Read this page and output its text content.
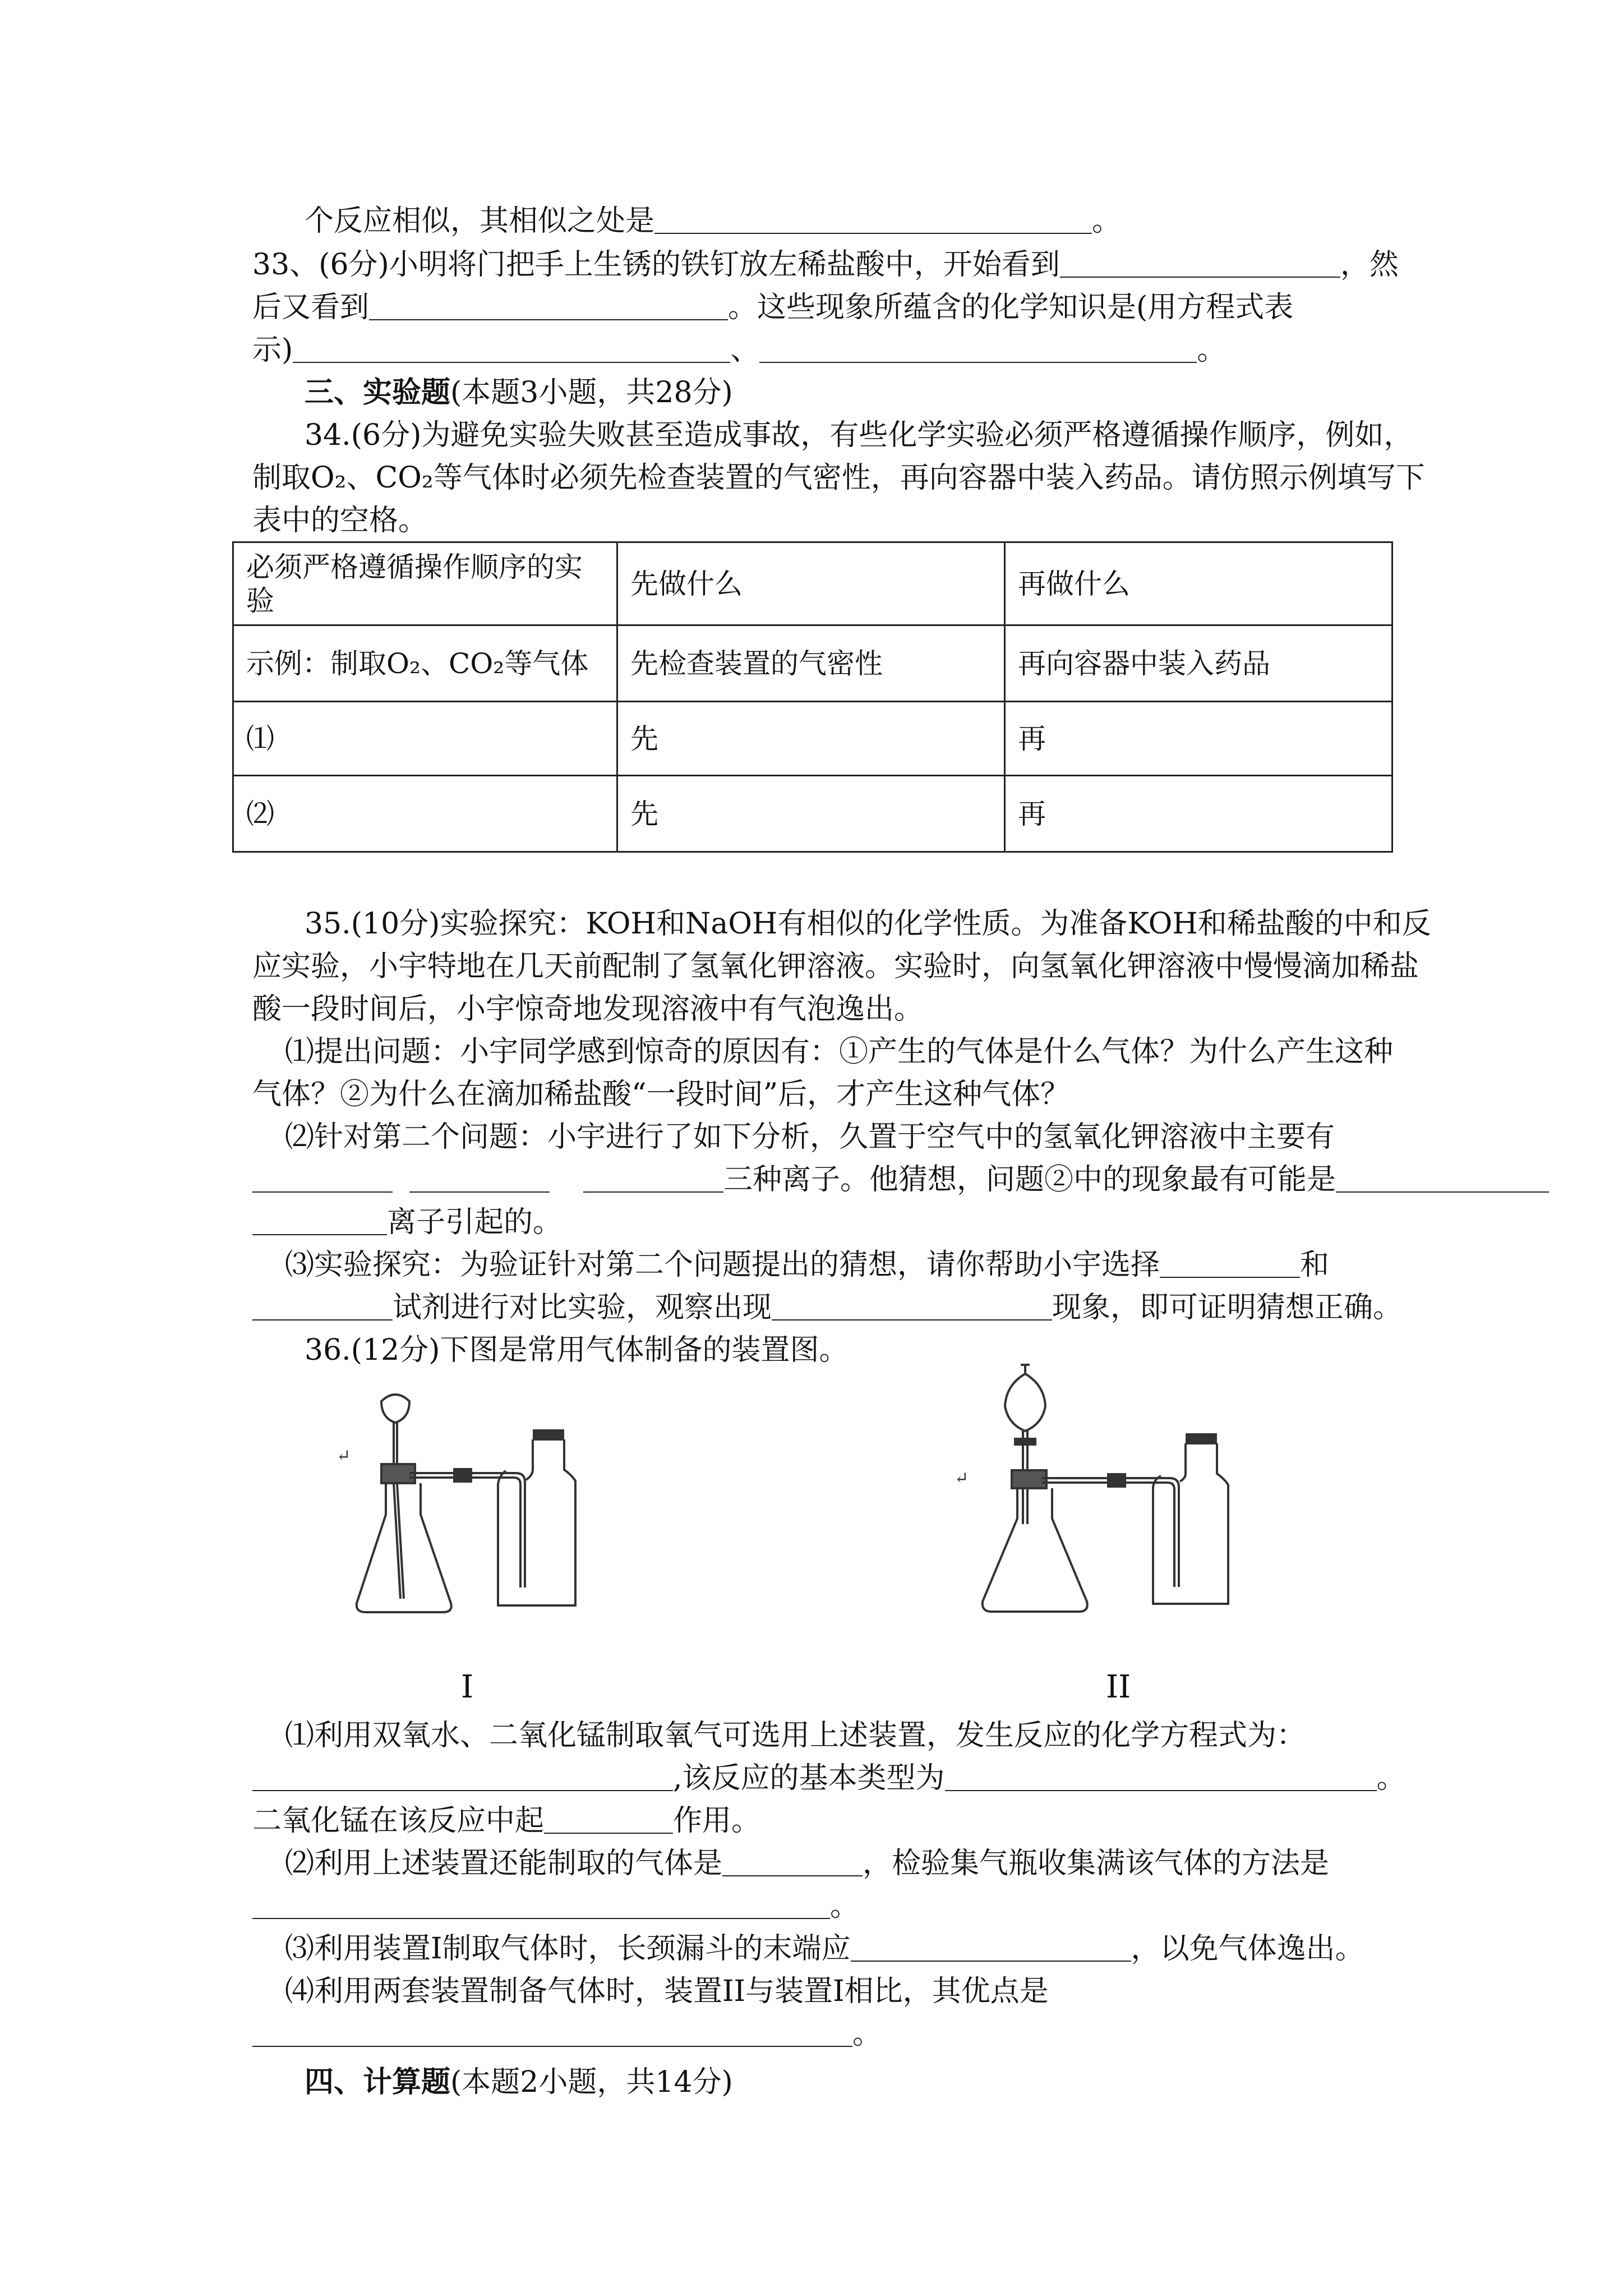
个反应相似，其相似之处是	。
33、(6分)小明将门把手上生锈的铁钉放左稀盐酸中，开始看到	，然
后又看到	。这些现象所蕴含的化学知识是(用方程式表
示)	、	。
三、实验题(本题3小题，共28分)
34.(6分)为避免实验失败甚至造成事故，有些化学实验必须严格遵循操作顺序，例如，
制取O₂、CO₂等气体时必须先检查装置的气密性，再向容器中装入药品。请仿照示例填写下
表中的空格。
必须严格遵循操作顺序的实验	先做什么	再做什么
示例：制取O₂、CO₂等气体	先检查装置的气密性	再向容器中装入药品
⑴	先	再
⑵	先	再
35.(10分)实验探究：KOH和NaOH有相似的化学性质。为准备KOH和稀盐酸的中和反
应实验，小宇特地在几天前配制了氢氧化钾溶液。实验时，向氢氧化钾溶液中慢慢滴加稀盐
酸一段时间后，小宇惊奇地发现溶液中有气泡逸出。
⑴提出问题：小宇同学感到惊奇的原因有：①产生的气体是什么气体？为什么产生这种
气体？②为什么在滴加稀盐酸“一段时间”后，才产生这种气体？
⑵针对第二个问题：小宇进行了如下分析，久置于空气中的氢氧化钾溶液中主要有
三种离子。他猜想，问题②中的现象最有可能是
离子引起的。
⑶实验探究：为验证针对第二个问题提出的猜想，请你帮助小宇选择	和
试剂进行对比实验，观察出现	现象，即可证明猜想正确。
36.(12分)下图是常用气体制备的装置图。
↵
I
↵
II
⑴利用双氧水、二氧化锰制取氧气可选用上述装置，发生反应的化学方程式为：
,该反应的基本类型为	。
二氧化锰在该反应中起	作用。
⑵利用上述装置还能制取的气体是	，检验集气瓶收集满该气体的方法是
。
⑶利用装置I制取气体时，长颈漏斗的末端应	，以免气体逸出。
⑷利用两套装置制备气体时，装置II与装置I相比，其优点是
。
四、计算题(本题2小题，共14分)
